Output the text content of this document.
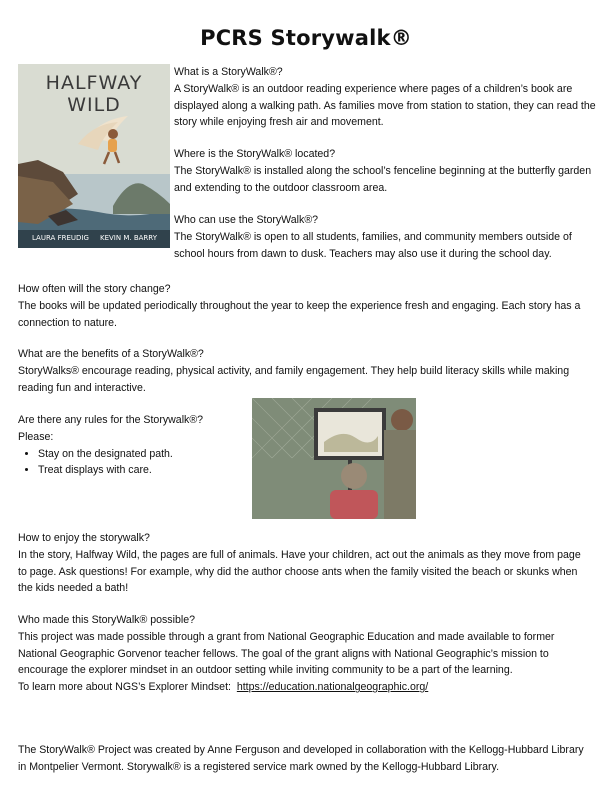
PCRS Storywalk®
HALFWAY WILD
LAURA FREUDIG KEVIN M. BARRY
What is a StoryWalk®?
A StoryWalk® is an outdoor reading experience where pages of a children’s book are displayed along a walking path. As families move from station to station, they can read the story while enjoying fresh air and movement.
Where is the StoryWalk® located?
The StoryWalk® is installed along the school’s fenceline beginning at the butterfly garden and extending to the outdoor classroom area.
Who can use the StoryWalk®?
The StoryWalk® is open to all students, families, and community members outside of school hours from dawn to dusk. Teachers may also use it during the school day.
How often will the story change?
The books will be updated periodically throughout the year to keep the experience fresh and engaging. Each story has a connection to nature.
What are the benefits of a StoryWalk®?
StoryWalks® encourage reading, physical activity, and family engagement. They help build literacy skills while making reading fun and interactive.
Are there any rules for the Storywalk®?
Please:
• Stay on the designated path.
• Treat displays with care.
How to enjoy the storywalk?
In the story, Halfway Wild, the pages are full of animals. Have your children, act out the animals as they move from page to page. Ask questions! For example, why did the author choose ants when the family visited the beach or skunks when the kids needed a bath!
Who made this StoryWalk® possible?
This project was made possible through a grant from National Geographic Education and made available to former National Geographic Gorvenor teacher fellows. The goal of the grant aligns with National Geographic’s mission to encourage the explorer mindset in an outdoor setting while inviting community to be a part of the learning.
To learn more about NGS’s Explorer Mindset: https://education.nationalgeographic.org/
The StoryWalk® Project was created by Anne Ferguson and developed in collaboration with the Kellogg-Hubbard Library in Montpelier Vermont. Storywalk® is a registered service mark owned by the Kellogg-Hubbard Library.
